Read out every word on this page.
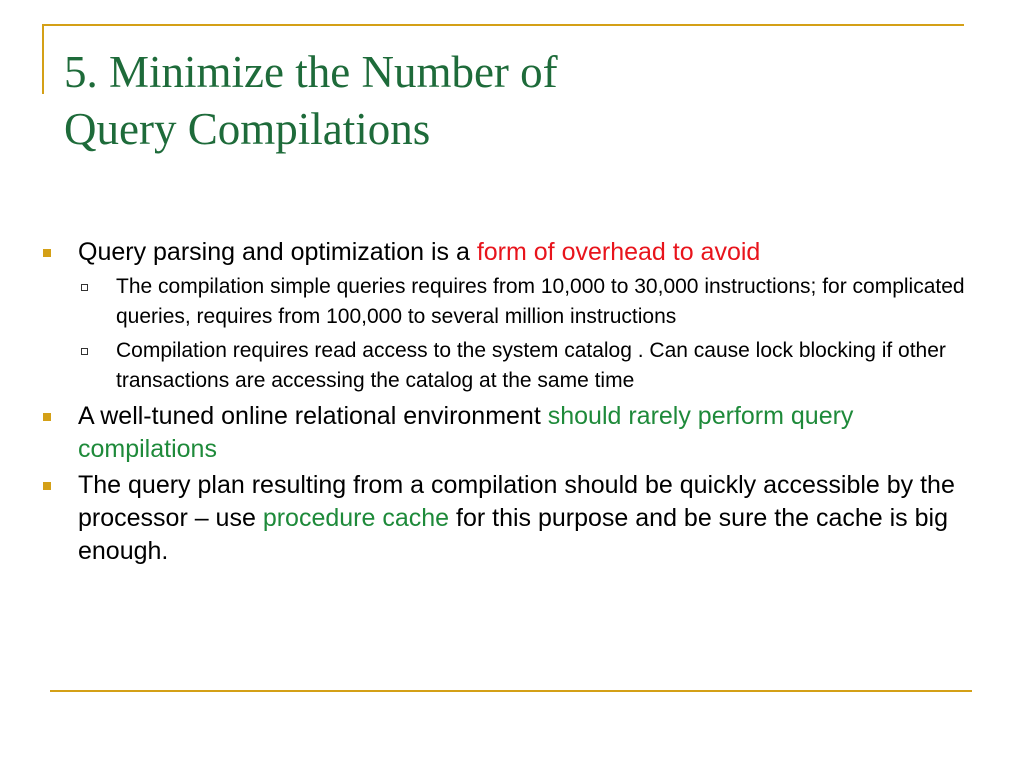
5. Minimize the Number of
Query Compilations
Query parsing and optimization is a form of overhead to avoid
The compilation simple queries requires from 10,000 to 30,000 instructions; for complicated queries, requires from 100,000 to several million instructions
Compilation requires read access to the system catalog . Can cause lock blocking if other transactions are accessing the catalog at the same time
A well-tuned online relational environment should rarely perform query compilations
The query plan resulting from a compilation should be quickly accessible by the processor – use procedure cache for this purpose and be sure the cache is big enough.
